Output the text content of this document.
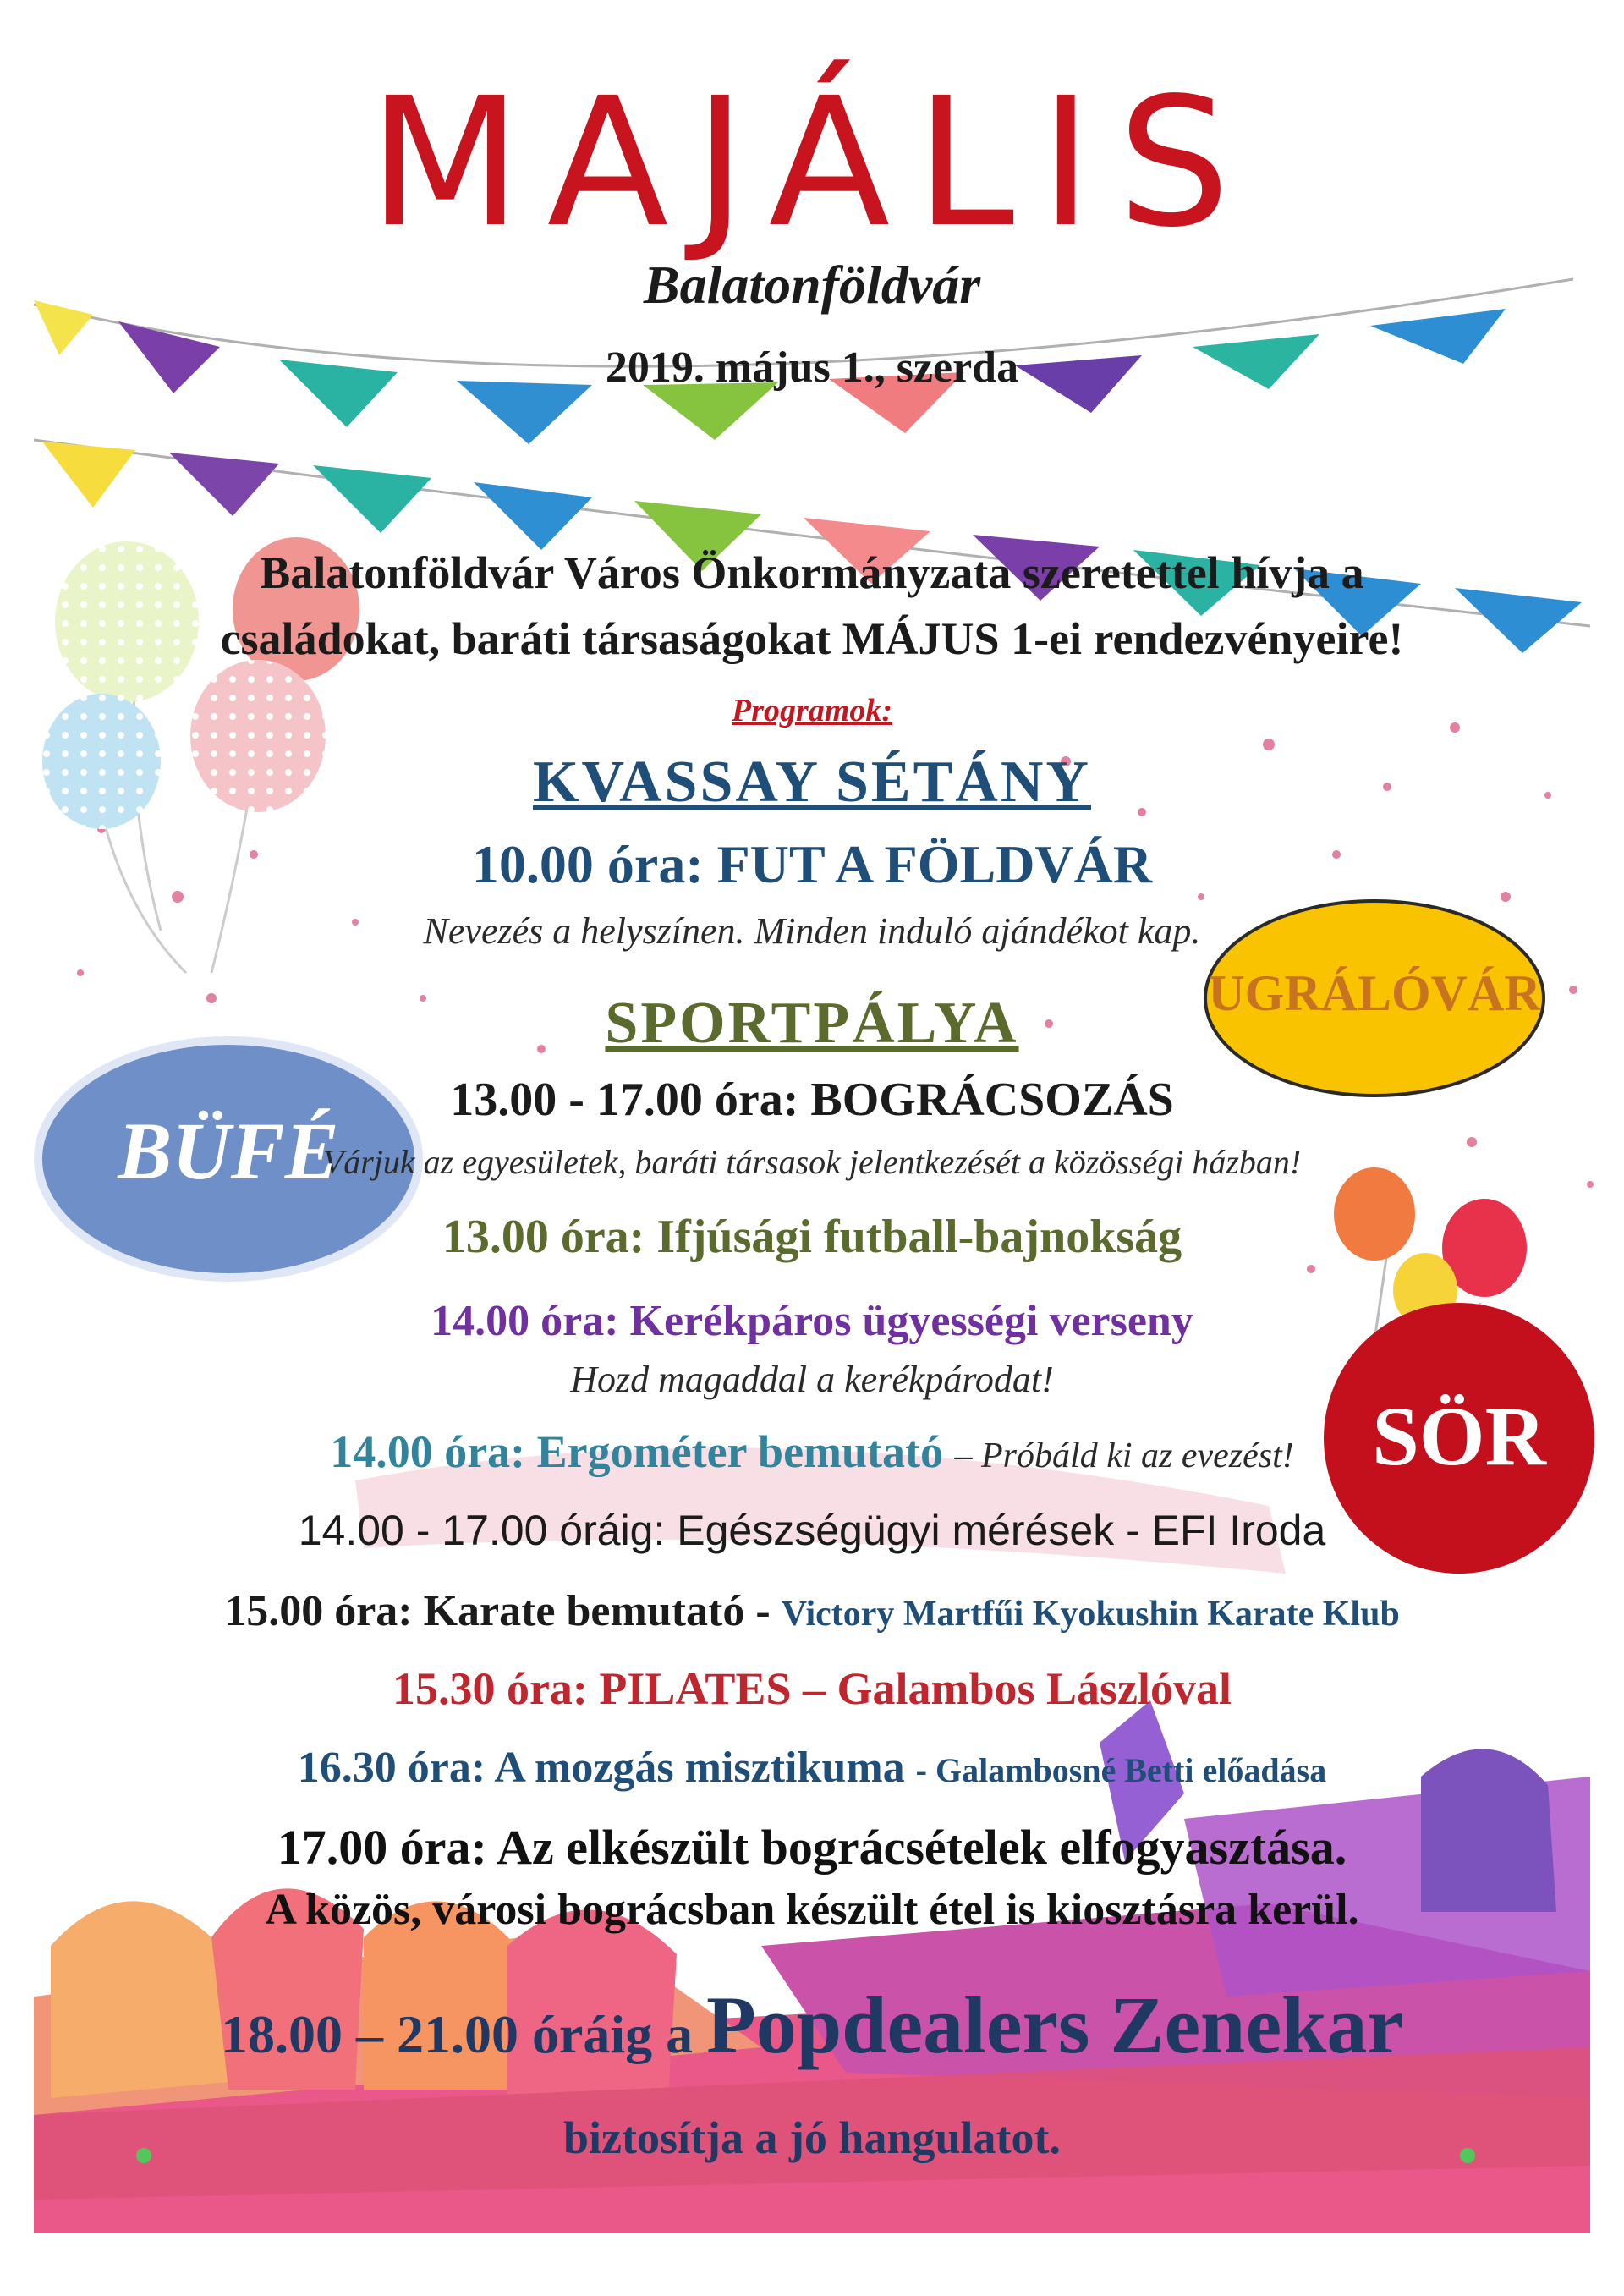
MAJÁLIS

Balatonföldvár

2019. május 1., szerda

Balatonföldvár Város Önkormányzata szeretettel hívja a

családokat, baráti társaságokat MÁJUS 1-ei rendezvényeire!

Programok:

KVASSAY SÉTÁNY

10.00 óra: FUT A FÖLDVÁR

Nevezés a helyszínen. Minden induló ajándékot kap.

SPORTPÁLYA

13.00 - 17.00 óra: BOGRÁCSOZÁS

Várjuk az egyesületek, baráti társasok jelentkezését a közösségi házban!

13.00 óra: Ifjúsági futball-bajnokság

14.00 óra: Kerékpáros ügyességi verseny

Hozd magaddal a kerékpárodat!

14.00 óra: Ergométer bemutató – Próbáld ki az evezést!

14.00 - 17.00 óráig: Egészségügyi mérések - EFI Iroda

15.00 óra: Karate bemutató - Victory Martfűi Kyokushin Karate Klub

15.30 óra: PILATES – Galambos Lászlóval

16.30 óra: A mozgás misztikuma - Galambosné Betti előadása

17.00 óra: Az elkészült bográcsételek elfogyasztása.

A közös, városi bográcsban készült étel is kiosztásra kerül.

18.00 – 21.00 óráig a Popdealers Zenekar

biztosítja a jó hangulatot.

UGRÁLÓVÁR

BÜFÉ

SÖR
